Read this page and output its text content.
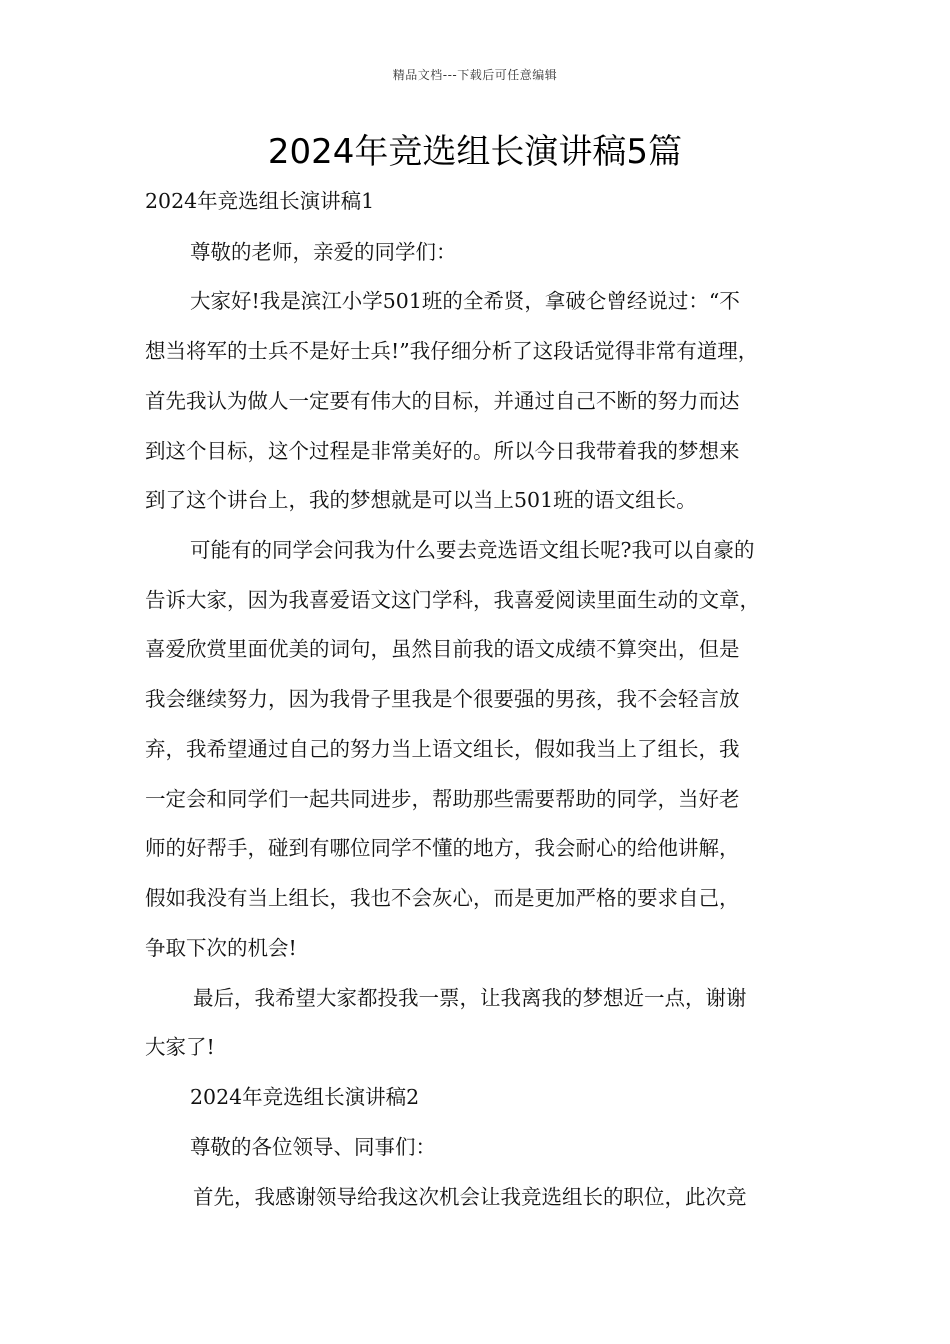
精品文档---下载后可任意编辑
2024年竞选组长演讲稿5篇
2024年竞选组长演讲稿1
尊敬的老师，亲爱的同学们：
大家好!我是滨江小学501班的全希贤，拿破仑曾经说过：“不
想当将军的士兵不是好士兵!”我仔细分析了这段话觉得非常有道理，
首先我认为做人一定要有伟大的目标，并通过自己不断的努力而达
到这个目标，这个过程是非常美好的。所以今日我带着我的梦想来
到了这个讲台上，我的梦想就是可以当上501班的语文组长。
可能有的同学会问我为什么要去竞选语文组长呢?我可以自豪的
告诉大家，因为我喜爱语文这门学科，我喜爱阅读里面生动的文章，
喜爱欣赏里面优美的词句，虽然目前我的语文成绩不算突出，但是
我会继续努力，因为我骨子里我是个很要强的男孩，我不会轻言放
弃，我希望通过自己的努力当上语文组长，假如我当上了组长，我
一定会和同学们一起共同进步，帮助那些需要帮助的同学，当好老
师的好帮手，碰到有哪位同学不懂的地方，我会耐心的给他讲解，
假如我没有当上组长，我也不会灰心，而是更加严格的要求自己，
争取下次的机会!
最后，我希望大家都投我一票，让我离我的梦想近一点，谢谢
大家了!
2024年竞选组长演讲稿2
尊敬的各位领导、同事们：
首先，我感谢领导给我这次机会让我竞选组长的职位，此次竞
